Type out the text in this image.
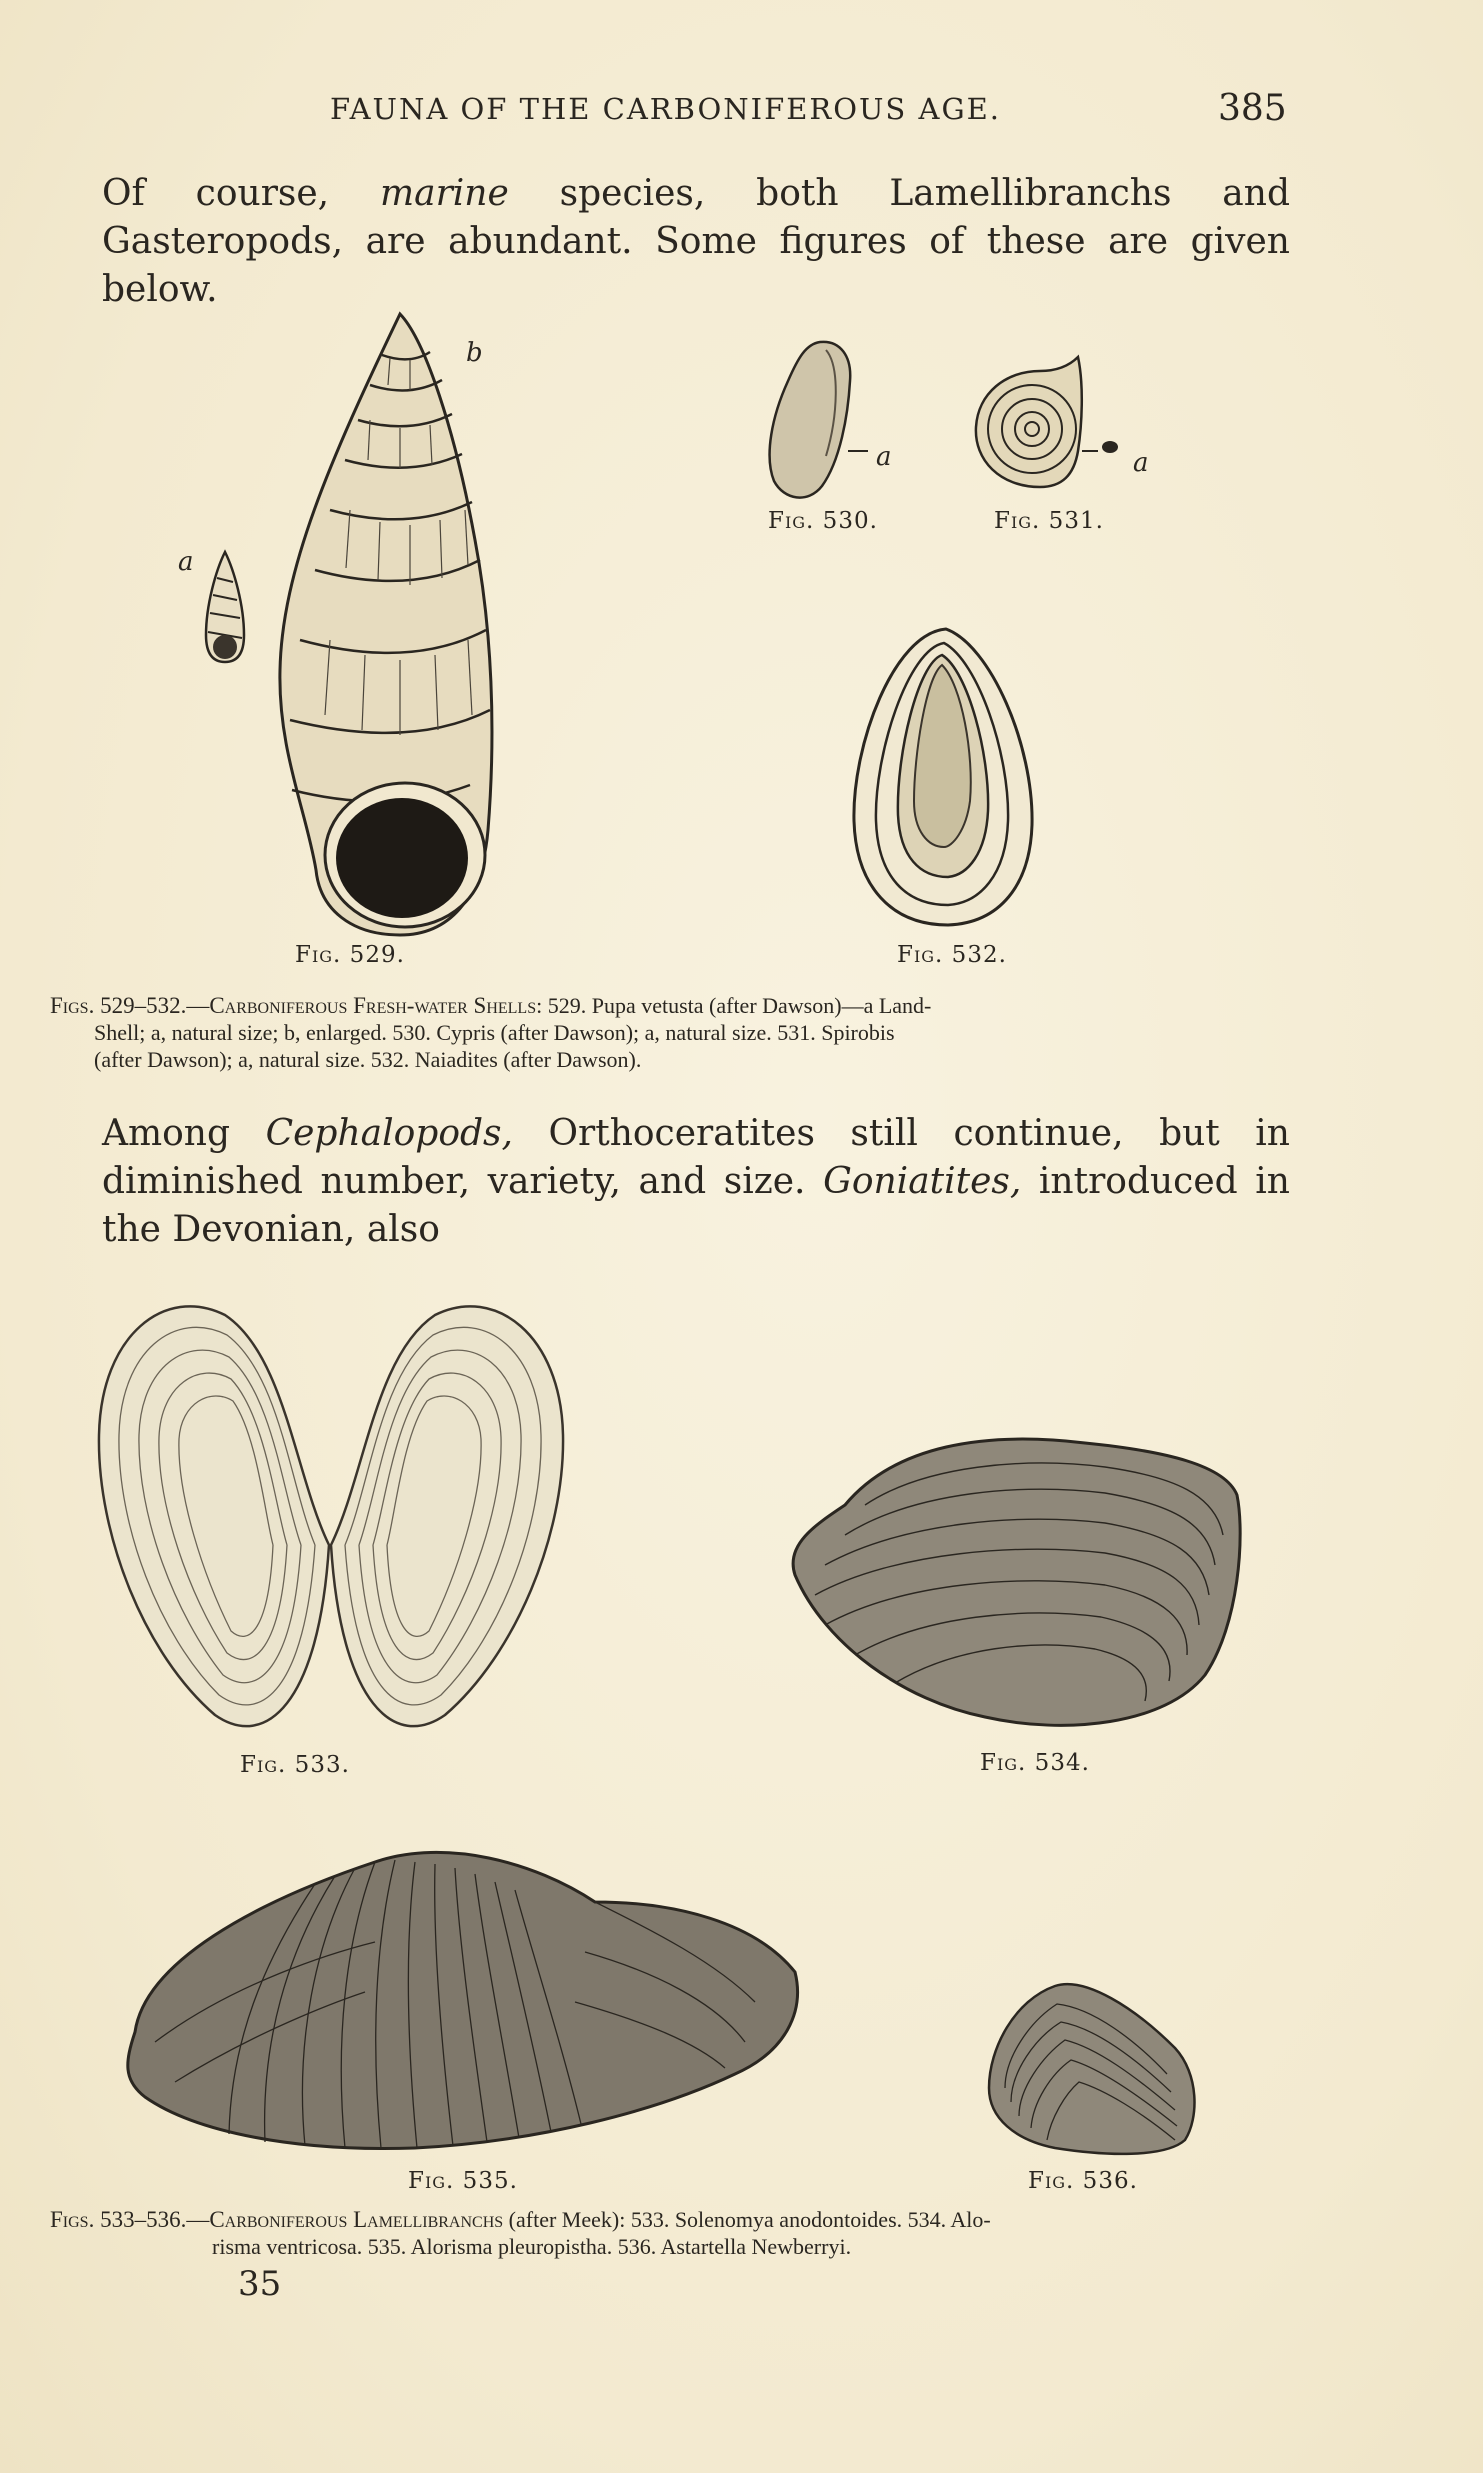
FAUNA OF THE CARBONIFEROUS AGE.	385

Of course, marine species, both Lamellibranchs and Gasteropods, are abundant. Some figures of these are given below.

a
b
Fig. 529.
a
Fig. 530.
a
Fig. 531.
Fig. 532.
Figs. 529–532.—Carboniferous Fresh-water Shells: 529. Pupa vetusta (after Dawson)—a Land-
Shell; a, natural size; b, enlarged. 530. Cypris (after Dawson); a, natural size. 531. Spirobis
(after Dawson); a, natural size. 532. Naiadites (after Dawson).

Among Cephalopods, Orthoceratites still continue, but in diminished number, variety, and size. Goniatites, introduced in the Devonian, also

Fig. 533.	Fig. 534.
Fig. 535.	Fig. 536.
Figs. 533–536.—Carboniferous Lamellibranchs (after Meek): 533. Solenomya anodontoides. 534. Alo-
risma ventricosa. 535. Alorisma pleuropistha. 536. Astartella Newberryi.
35
